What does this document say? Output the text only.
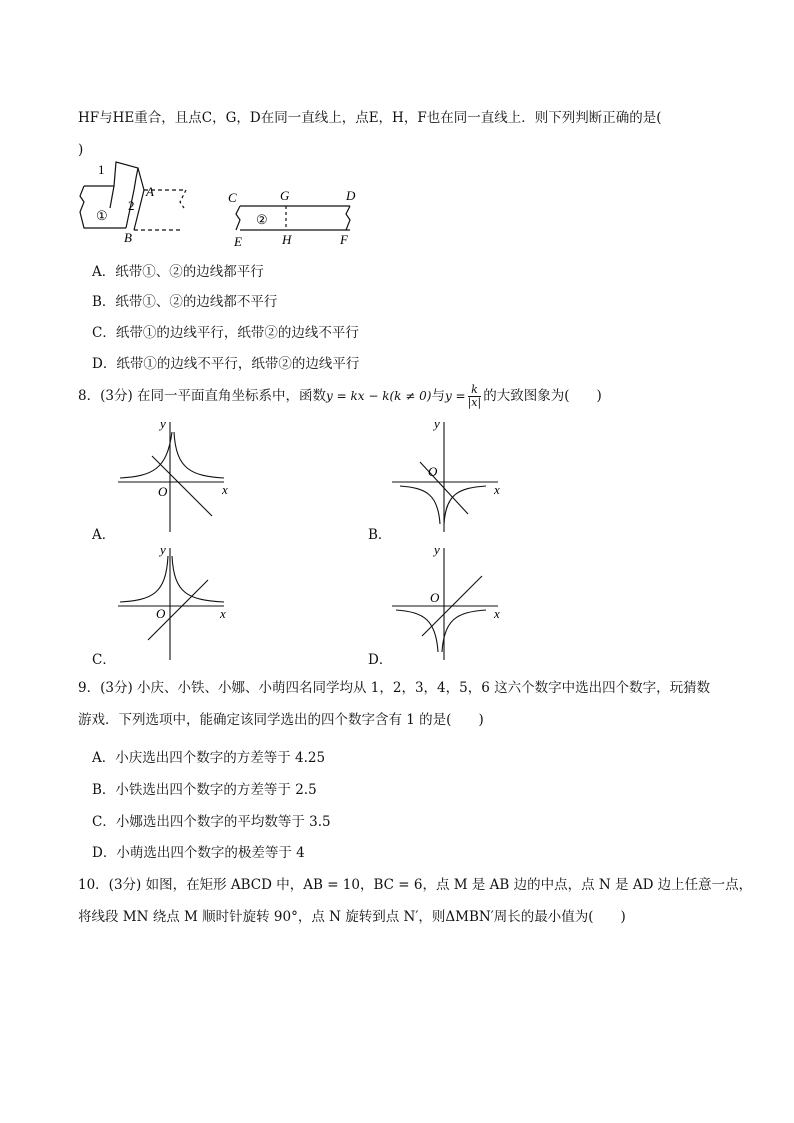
HF与HE重合，且点C，G，D在同一直线上，点E，H，F也在同一直线上．则下列判断正确的是(
)
1
2
A
B
①
C	G	D
E	H	F
②
A．纸带①、②的边线都平行
B．纸带①、②的边线都不平行
C．纸带①的边线平行，纸带②的边线不平行
D．纸带①的边线不平行，纸带②的边线平行
8．(3分) 在同一平面直角坐标系中，函数y = kx − k(k ≠ 0)与$y = \frac{k}{|x|}$ 的大致图象为(　　)
y
x
O
A．
y
x
O
B．
y
x
O
C．
y
x
O
D．
9．(3分) 小庆、小铁、小娜、小萌四名同学均从 1，2，3，4，5，6 这六个数字中选出四个数字，玩猜数
游戏．下列选项中，能确定该同学选出的四个数字含有 1 的是(　　)
A．小庆选出四个数字的方差等于 4.25
B．小铁选出四个数字的方差等于 2.5
C．小娜选出四个数字的平均数等于 3.5
D．小萌选出四个数字的极差等于 4
10．(3分) 如图，在矩形 ABCD 中，AB = 10，BC = 6，点 M 是 AB 边的中点，点 N 是 AD 边上任意一点，
将线段 MN 绕点 M 顺时针旋转 90°，点 N 旋转到点 N′，则ΔMBN′周长的最小值为(　　)
